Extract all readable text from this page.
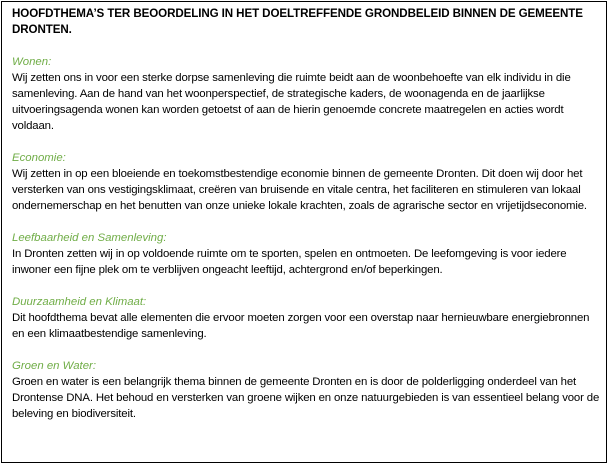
HOOFDTHEMA’S TER BEOORDELING IN HET DOELTREFFENDE GRONDBELEID BINNEN DE GEMEENTE DRONTEN.

Wonen:

Wij zetten ons in voor een sterke dorpse samenleving die ruimte beidt aan de woonbehoefte van elk individu in die samenleving. Aan de hand van het woonperspectief, de strategische kaders, de woonagenda en de jaarlijkse uitvoeringsagenda wonen kan worden getoetst of aan de hierin genoemde concrete maatregelen en acties wordt voldaan.

Economie:

Wij zetten in op een bloeiende en toekomstbestendige economie binnen de gemeente Dronten. Dit doen wij door het versterken van ons vestigingsklimaat, creëren van bruisende en vitale centra, het faciliteren en stimuleren van lokaal ondernemerschap en het benutten van onze unieke lokale krachten, zoals de agrarische sector en vrijetijdseconomie.

Leefbaarheid en Samenleving:

In Dronten zetten wij in op voldoende ruimte om te sporten, spelen en ontmoeten. De leefomgeving is voor iedere inwoner een fijne plek om te verblijven ongeacht leeftijd, achtergrond en/of beperkingen.

Duurzaamheid en Klimaat:

Dit hoofdthema bevat alle elementen die ervoor moeten zorgen voor een overstap naar hernieuwbare energiebronnen en een klimaatbestendige samenleving.

Groen en Water:

Groen en water is een belangrijk thema binnen de gemeente Dronten en is door de polderligging onderdeel van het Drontense DNA. Het behoud en versterken van groene wijken en onze natuurgebieden is van essentieel belang voor de beleving en biodiversiteit.
